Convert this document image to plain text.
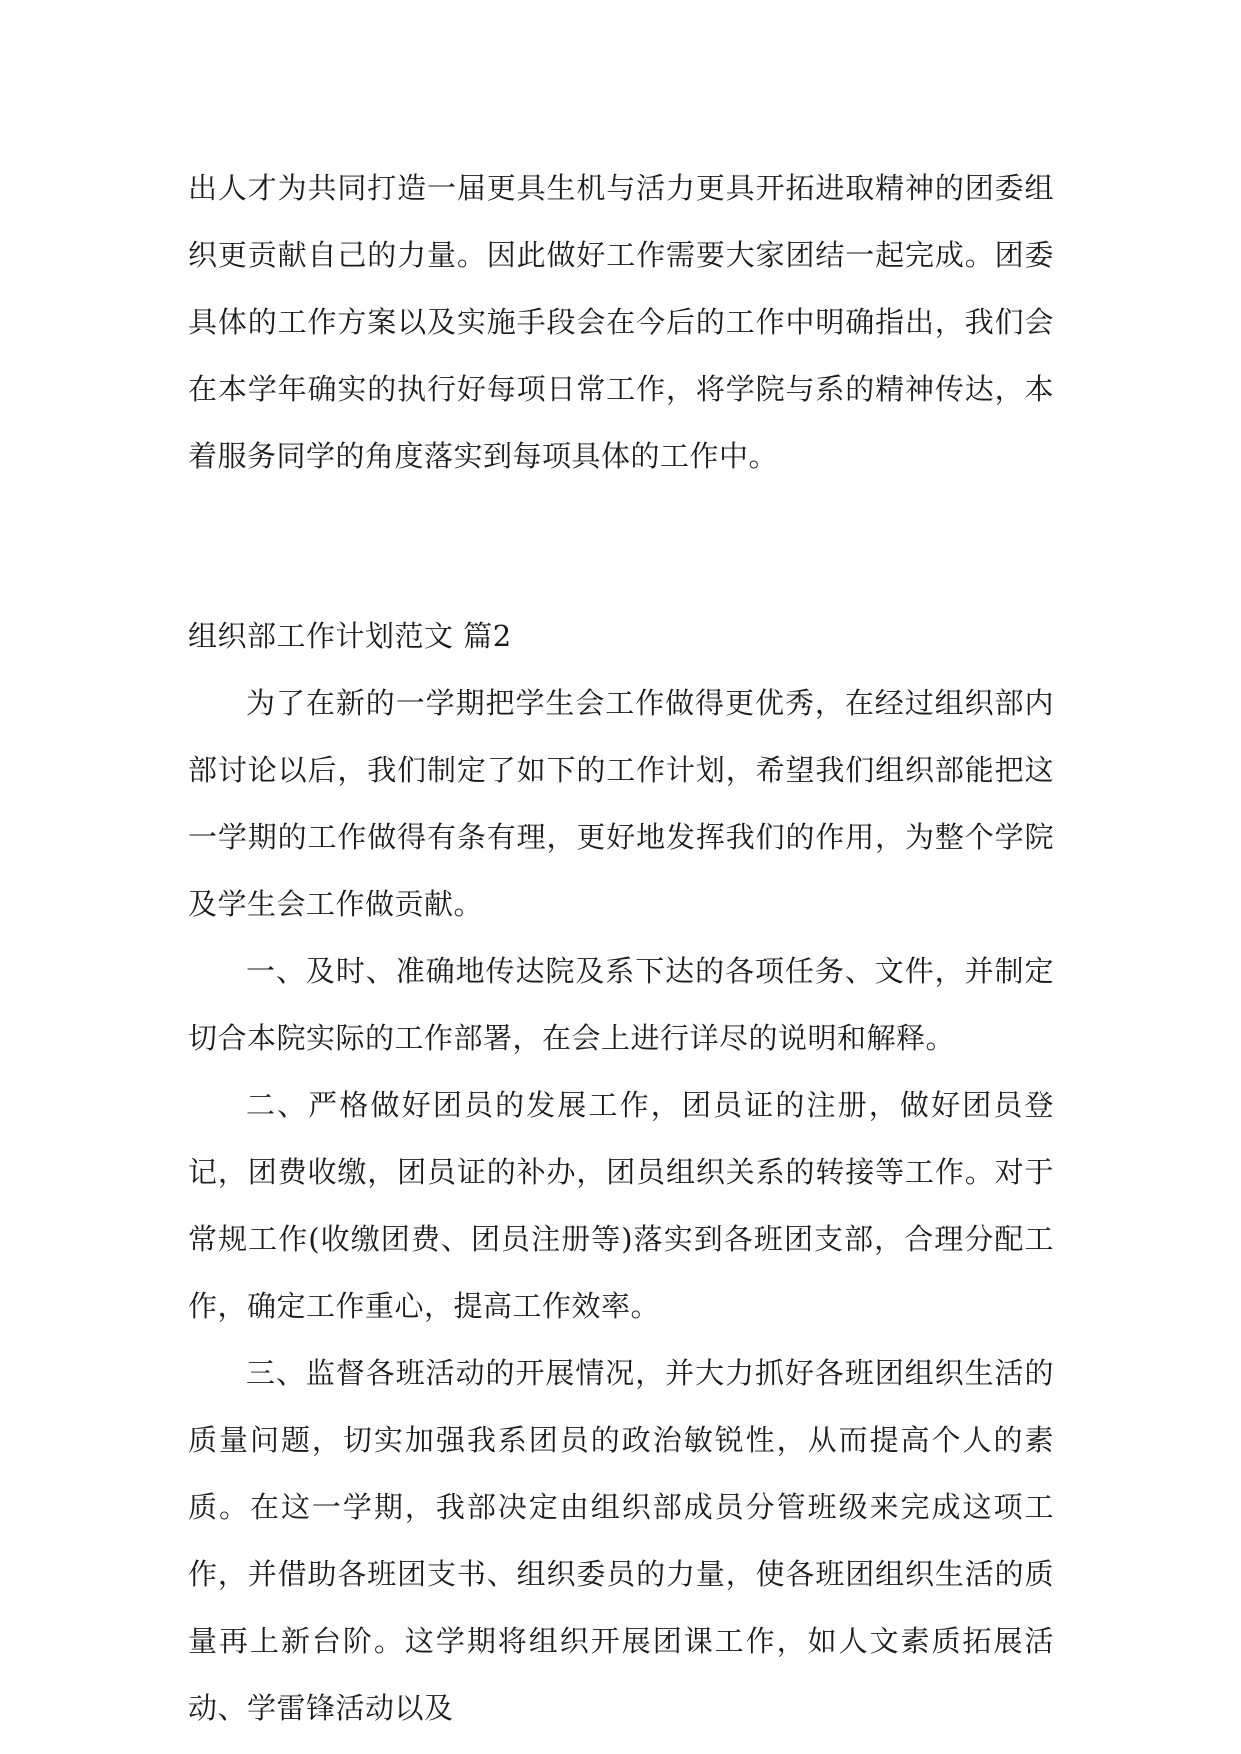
出人才为共同打造一届更具生机与活力更具开拓进取精神的团委组织更贡献自己的力量。因此做好工作需要大家团结一起完成。团委具体的工作方案以及实施手段会在今后的工作中明确指出，我们会在本学年确实的执行好每项日常工作，将学院与系的精神传达，本着服务同学的角度落实到每项具体的工作中。

组织部工作计划范文 篇2

为了在新的一学期把学生会工作做得更优秀，在经过组织部内部讨论以后，我们制定了如下的工作计划，希望我们组织部能把这一学期的工作做得有条有理，更好地发挥我们的作用，为整个学院及学生会工作做贡献。

一、及时、准确地传达院及系下达的各项任务、文件，并制定切合本院实际的工作部署，在会上进行详尽的说明和解释。

二、严格做好团员的发展工作，团员证的注册，做好团员登记，团费收缴，团员证的补办，团员组织关系的转接等工作。对于常规工作(收缴团费、团员注册等)落实到各班团支部，合理分配工作，确定工作重心，提高工作效率。

三、监督各班活动的开展情况，并大力抓好各班团组织生活的质量问题，切实加强我系团员的政治敏锐性，从而提高个人的素质。在这一学期，我部决定由组织部成员分管班级来完成这项工作，并借助各班团支书、组织委员的力量，使各班团组织生活的质量再上新台阶。这学期将组织开展团课工作，如人文素质拓展活动、学雷锋活动以及
